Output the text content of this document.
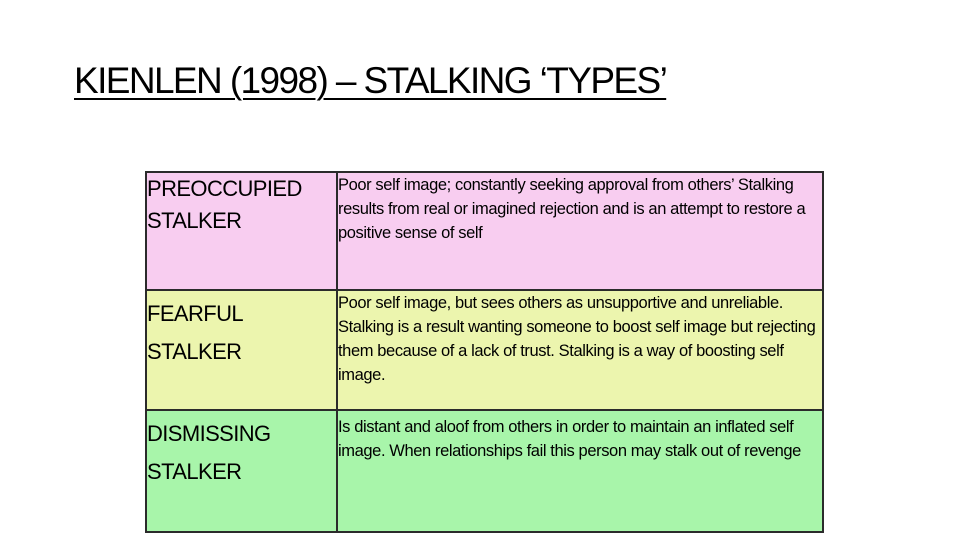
KIENLEN (1998) – STALKING ‘TYPES’
PREOCCUPIED STALKER	Poor self image; constantly seeking approval from others’ Stalking results from real or imagined rejection and is an attempt to restore a positive sense of self
FEARFUL STALKER	Poor self image, but sees others as unsupportive and unreliable. Stalking is a result wanting someone to boost self image but rejecting them because of a lack of trust. Stalking is a way of boosting self image.
DISMISSING STALKER	Is distant and aloof from others in order to maintain an inflated self image. When relationships fail this person may stalk out of revenge
